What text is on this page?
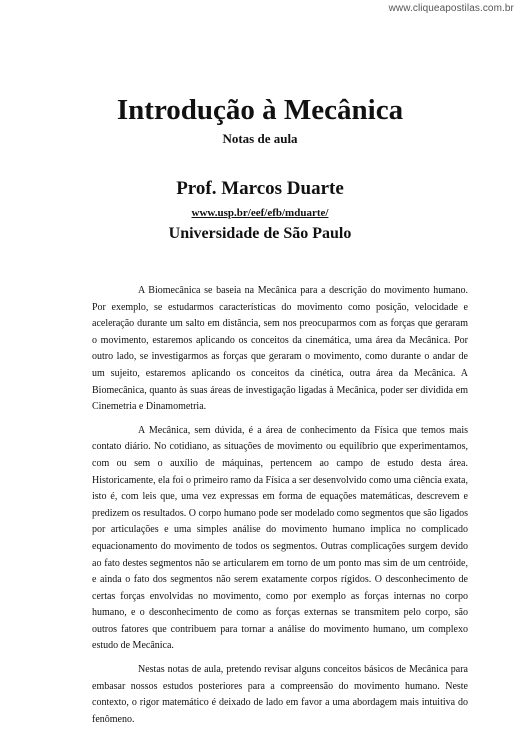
www.cliqueapostilas.com.br
Introdução à Mecânica
Notas de aula
Prof. Marcos Duarte
www.usp.br/eef/efb/mduarte/
Universidade de São Paulo

A Biomecânica se baseia na Mecânica para a descrição do movimento humano. Por exemplo, se estudarmos características do movimento como posição, velocidade e aceleração durante um salto em distância, sem nos preocuparmos com as forças que geraram o movimento, estaremos aplicando os conceitos da cinemática, uma área da Mecânica. Por outro lado, se investigarmos as forças que geraram o movimento, como durante o andar de um sujeito, estaremos aplicando os conceitos da cinética, outra área da Mecânica. A Biomecânica, quanto às suas áreas de investigação ligadas à Mecânica, poder ser dividida em Cinemetria e Dinamometria.

A Mecânica, sem dúvida, é a área de conhecimento da Física que temos mais contato diário. No cotidiano, as situações de movimento ou equilíbrio que experimentamos, com ou sem o auxílio de máquinas, pertencem ao campo de estudo desta área. Historicamente, ela foi o primeiro ramo da Física a ser desenvolvido como uma ciência exata, isto é, com leis que, uma vez expressas em forma de equações matemáticas, descrevem e predizem os resultados. O corpo humano pode ser modelado como segmentos que são ligados por articulações e uma simples análise do movimento humano implica no complicado equacionamento do movimento de todos os segmentos. Outras complicações surgem devido ao fato destes segmentos não se articularem em torno de um ponto mas sim de um centróide, e ainda o fato dos segmentos não serem exatamente corpos rígidos. O desconhecimento de certas forças envolvidas no movimento, como por exemplo as forças internas no corpo humano, e o desconhecimento de como as forças externas se transmitem pelo corpo, são outros fatores que contribuem para tornar a análise do movimento humano, um complexo estudo de Mecânica.

Nestas notas de aula, pretendo revisar alguns conceitos básicos de Mecânica para embasar nossos estudos posteriores para a compreensão do movimento humano. Neste contexto, o rigor matemático é deixado de lado em favor a uma abordagem mais intuitiva do fenômeno.
